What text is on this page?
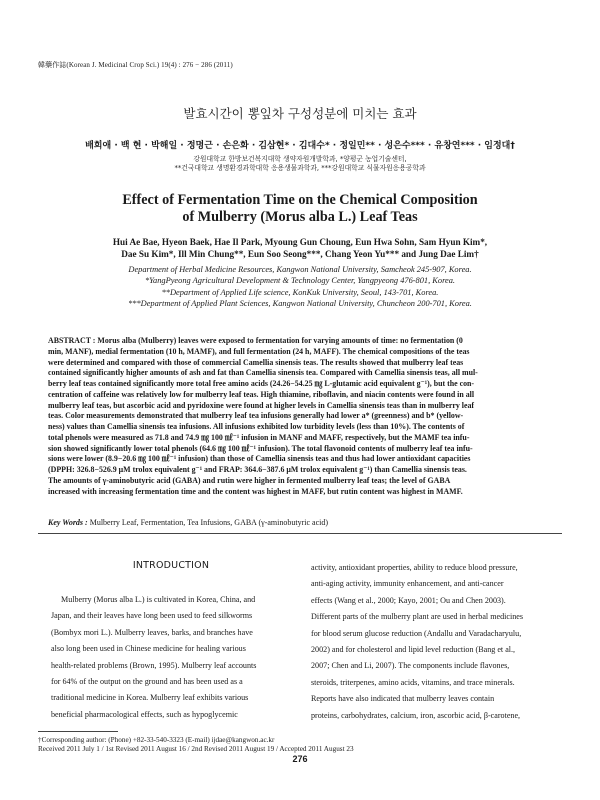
韓藥作誌(Korean J. Medicinal Crop Sci.) 19(4) : 276 − 286 (2011)
발효시간이 뽕잎차 구성성분에 미치는 효과
배희애 · 백 현 · 박해일 · 정명근 · 손은화 · 김삼현* · 김대수* · 정일민** · 성은수*** · 유창연*** · 임정대†
강원대학교 한방보건복지대학 생약자원개발학과, *양평군 농업기술센터,
**건국대학교 생명환경과학대학 응용생물과학과, ***강원대학교 식물자원응용공학과
Effect of Fermentation Time on the Chemical Composition
of Mulberry (Morus alba L.) Leaf Teas
Hui Ae Bae, Hyeon Baek, Hae Il Park, Myoung Gun Choung, Eun Hwa Sohn, Sam Hyun Kim*,
Dae Su Kim*, Ill Min Chung**, Eun Soo Seong***, Chang Yeon Yu*** and Jung Dae Lim†
Department of Herbal Medicine Resources, Kangwon National University, Samcheok 245-907, Korea.
*YangPyeong Agricultural Development & Technology Center, Yangpyeong 476-801, Korea.
**Department of Applied Life science, KonKuk University, Seoul, 143-701, Korea.
***Department of Applied Plant Sciences, Kangwon National University, Chuncheon 200-701, Korea.
ABSTRACT : Morus alba (Mulberry) leaves were exposed to fermentation for varying amounts of time: no fermentation (0
min, MANF), medial fermentation (10 h, MAMF), and full fermentation (24 h, MAFF). The chemical compositions of the teas
were determined and compared with those of commercial Camellia sinensis teas. The results showed that mulberry leaf teas
contained significantly higher amounts of ash and fat than Camellia sinensis tea. Compared with Camellia sinensis teas, all mul-
berry leaf teas contained significantly more total free amino acids (24.26−54.25 ㎎ L-glutamic acid equivalent g⁻¹), but the con-
centration of caffeine was relatively low for mulberry leaf teas. High thiamine, riboflavin, and niacin contents were found in all
mulberry leaf teas, but ascorbic acid and pyridoxine were found at higher levels in Camellia sinensis teas than in mulberry leaf
teas. Color measurements demonstrated that mulberry leaf tea infusions generally had lower a* (greenness) and b* (yellow-
ness) values than Camellia sinensis tea infusions. All infusions exhibited low turbidity levels (less than 10%). The contents of
total phenols were measured as 71.8 and 74.9 ㎎ 100 ㎖⁻¹ infusion in MANF and MAFF, respectively, but the MAMF tea infu-
sion showed significantly lower total phenols (64.6 ㎎ 100 ㎖⁻¹ infusion). The total flavonoid contents of mulberry leaf tea infu-
sions were lower (8.9−20.6 ㎎ 100 ㎖⁻¹ infusion) than those of Camellia sinensis teas and thus had lower antioxidant capacities
(DPPH: 326.8−526.9 μM trolox equivalent g⁻¹ and FRAP: 364.6−387.6 μM trolox equivalent g⁻¹) than Camellia sinensis teas.
The amounts of γ-aminobutyric acid (GABA) and rutin were higher in fermented mulberry leaf teas; the level of GABA
increased with increasing fermentation time and the content was highest in MAFF, but rutin content was highest in MAMF.
Key Words : Mulberry Leaf, Fermentation, Tea Infusions, GABA (γ-aminobutyric acid)
INTRODUCTION
Mulberry (Morus alba L.) is cultivated in Korea, China, and
Japan, and their leaves have long been used to feed silkworms
(Bombyx mori L.). Mulberry leaves, barks, and branches have
also long been used in Chinese medicine for healing various
health-related problems (Brown, 1995). Mulberry leaf accounts
for 64% of the output on the ground and has been used as a
traditional medicine in Korea. Mulberry leaf exhibits various
beneficial pharmacological effects, such as hypoglycemic
activity, antioxidant properties, ability to reduce blood pressure,
anti-aging activity, immunity enhancement, and anti-cancer
effects (Wang et al., 2000; Kayo, 2001; Ou and Chen 2003).
Different parts of the mulberry plant are used in herbal medicines
for blood serum glucose reduction (Andallu and Varadacharyulu,
2002) and for cholesterol and lipid level reduction (Bang et al.,
2007; Chen and Li, 2007). The components include flavones,
steroids, triterpenes, amino acids, vitamins, and trace minerals.
Reports have also indicated that mulberry leaves contain
proteins, carbohydrates, calcium, iron, ascorbic acid, β-carotene,
†Corresponding author: (Phone) +82-33-540-3323 (E-mail) ijdae@kangwon.ac.kr
Received 2011 July 1 / 1st Revised 2011 August 16 / 2nd Revised 2011 August 19 / Accepted 2011 August 23
276
